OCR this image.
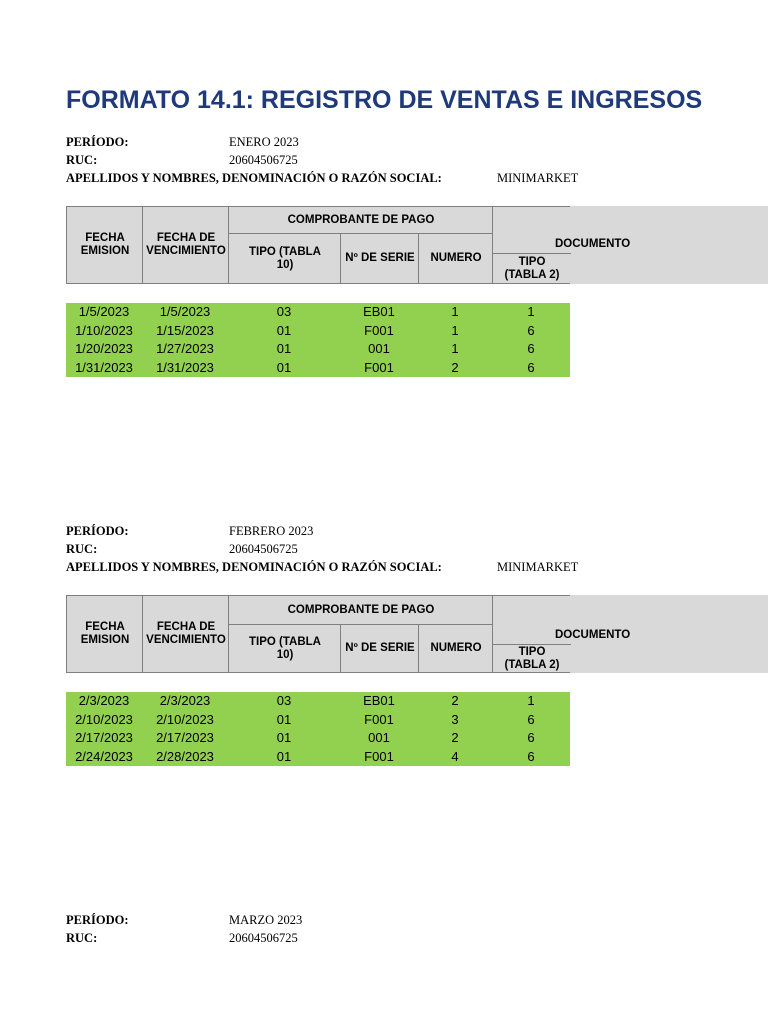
FORMATO 14.1: REGISTRO DE VENTAS E INGRESOS
PERÍODO:	ENERO 2023
RUC:	20604506725
APELLIDOS Y NOMBRES, DENOMINACIÓN O RAZÓN SOCIAL:	MINIMARKET
FECHA EMISION
FECHA DE VENCIMIENTO
COMPROBANTE DE PAGO
TIPO (TABLA 10)
Nº DE SERIE	NUMERO
DOCUMENTO
TIPO (TABLA 2)
1/5/2023	1/5/2023	03	EB01	1	1
1/10/2023	1/15/2023	01	F001	1	6
1/20/2023	1/27/2023	01	001	1	6
1/31/2023	1/31/2023	01	F001	2	6
PERÍODO:	FEBRERO 2023
RUC:	20604506725
APELLIDOS Y NOMBRES, DENOMINACIÓN O RAZÓN SOCIAL:	MINIMARKET
FECHA EMISION
FECHA DE VENCIMIENTO
COMPROBANTE DE PAGO
TIPO (TABLA 10)
Nº DE SERIE	NUMERO
DOCUMENTO
TIPO (TABLA 2)
2/3/2023	2/3/2023	03	EB01	2	1
2/10/2023	2/10/2023	01	F001	3	6
2/17/2023	2/17/2023	01	001	2	6
2/24/2023	2/28/2023	01	F001	4	6
PERÍODO:	MARZO 2023
RUC:	20604506725
